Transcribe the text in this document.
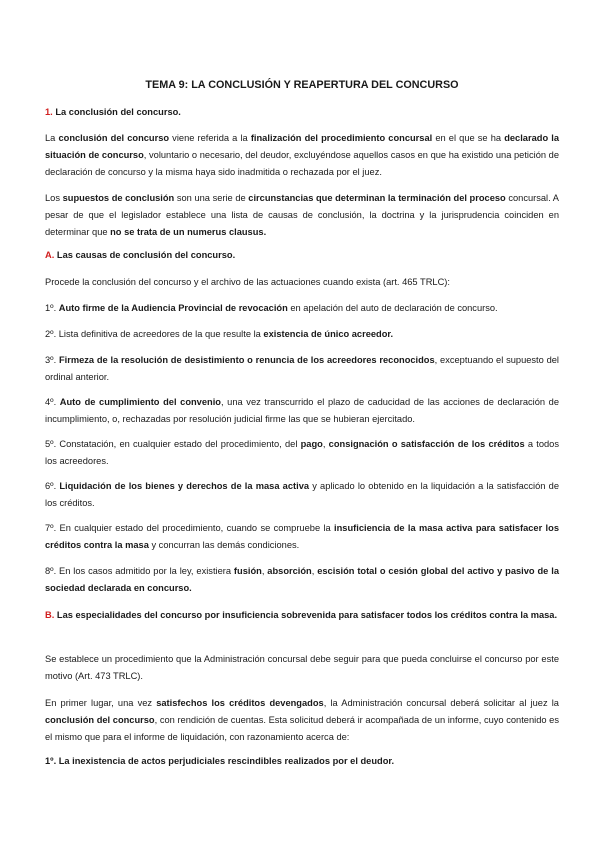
TEMA 9: LA CONCLUSIÓN Y REAPERTURA DEL CONCURSO

1. La conclusión del concurso.

La conclusión del concurso viene referida a la finalización del procedimiento concursal en el que se ha declarado la situación de concurso, voluntario o necesario, del deudor, excluyéndose aquellos casos en que ha existido una petición de declaración de concurso y la misma haya sido inadmitida o rechazada por el juez.

Los supuestos de conclusión son una serie de circunstancias que determinan la terminación del proceso concursal. A pesar de que el legislador establece una lista de causas de conclusión, la doctrina y la jurisprudencia coinciden en determinar que no se trata de un numerus clausus.

A. Las causas de conclusión del concurso.

Procede la conclusión del concurso y el archivo de las actuaciones cuando exista (art. 465 TRLC):

1º. Auto firme de la Audiencia Provincial de revocación en apelación del auto de declaración de concurso.

2º. Lista definitiva de acreedores de la que resulte la existencia de único acreedor.

3º. Firmeza de la resolución de desistimiento o renuncia de los acreedores reconocidos, exceptuando el supuesto del ordinal anterior.

4º. Auto de cumplimiento del convenio, una vez transcurrido el plazo de caducidad de las acciones de declaración de incumplimiento, o, rechazadas por resolución judicial firme las que se hubieran ejercitado.

5º. Constatación, en cualquier estado del procedimiento, del pago, consignación o satisfacción de los créditos a todos los acreedores.

6º. Liquidación de los bienes y derechos de la masa activa y aplicado lo obtenido en la liquidación a la satisfacción de los créditos.

7º. En cualquier estado del procedimiento, cuando se compruebe la insuficiencia de la masa activa para satisfacer los créditos contra la masa y concurran las demás condiciones.

8º. En los casos admitido por la ley, existiera fusión, absorción, escisión total o cesión global del activo y pasivo de la sociedad declarada en concurso.

B. Las especialidades del concurso por insuficiencia sobrevenida para satisfacer todos los créditos contra la masa.

Se establece un procedimiento que la Administración concursal debe seguir para que pueda concluirse el concurso por este motivo (Art. 473 TRLC).

En primer lugar, una vez satisfechos los créditos devengados, la Administración concursal deberá solicitar al juez la conclusión del concurso, con rendición de cuentas. Esta solicitud deberá ir acompañada de un informe, cuyo contenido es el mismo que para el informe de liquidación, con razonamiento acerca de:

1º. La inexistencia de actos perjudiciales rescindibles realizados por el deudor.
